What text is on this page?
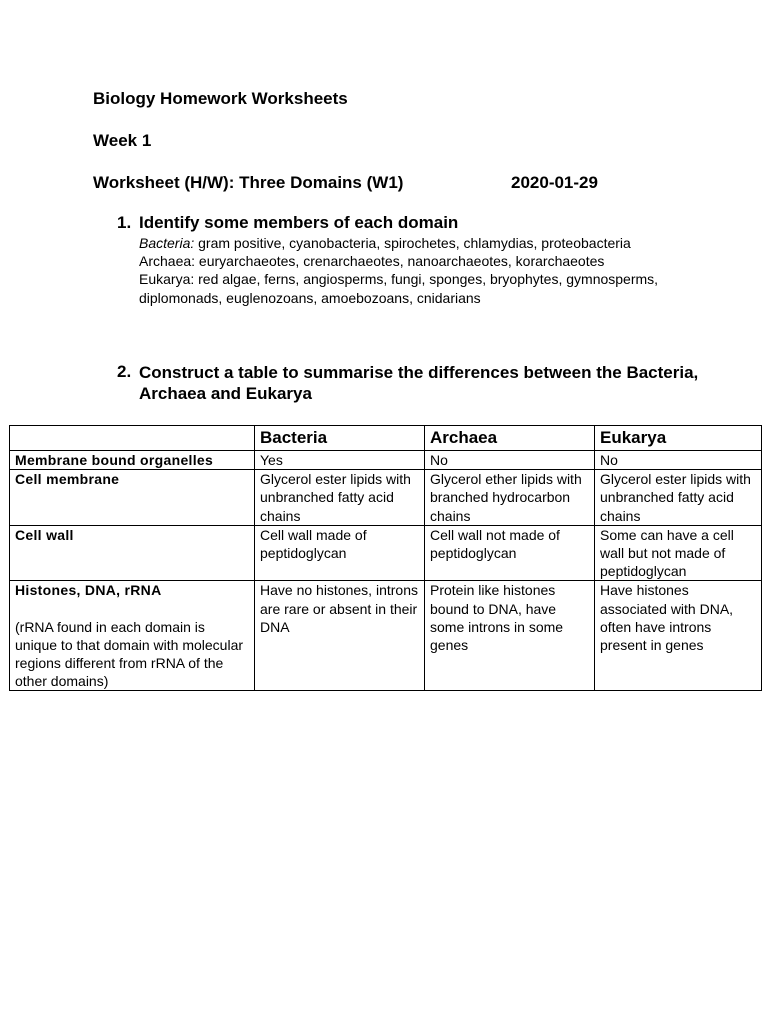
Biology Homework Worksheets
Week 1
Worksheet (H/W): Three Domains (W1)	2020-01-29
1. Identify some members of each domain

Bacteria: gram positive, cyanobacteria, spirochetes, chlamydias, proteobacteria

Archaea: euryarchaeotes, crenarchaeotes, nanoarchaeotes, korarchaeotes

Eukarya: red algae, ferns, angiosperms, fungi, sponges, bryophytes, gymnosperms, diplomonads, euglenozoans, amoebozoans, cnidarians

2. Construct a table to summarise the differences between the Bacteria, Archaea and Eukarya
	Bacteria	Archaea	Eukarya
Membrane bound organelles	Yes	No	No
Cell membrane	Glycerol ester lipids with unbranched fatty acid chains	Glycerol ether lipids with branched hydrocarbon chains	Glycerol ester lipids with unbranched fatty acid chains
Cell wall	Cell wall made of peptidoglycan	Cell wall not made of peptidoglycan	Some can have a cell wall but not made of peptidoglycan

Histones, DNA, rRNA
(rRNA found in each domain is unique to that domain with molecular regions different from rRNA of the other domains)	Have no histones, introns are rare or absent in their DNA	Protein like histones bound to DNA, have some introns in some genes	Have histones associated with DNA, often have introns present in genes
